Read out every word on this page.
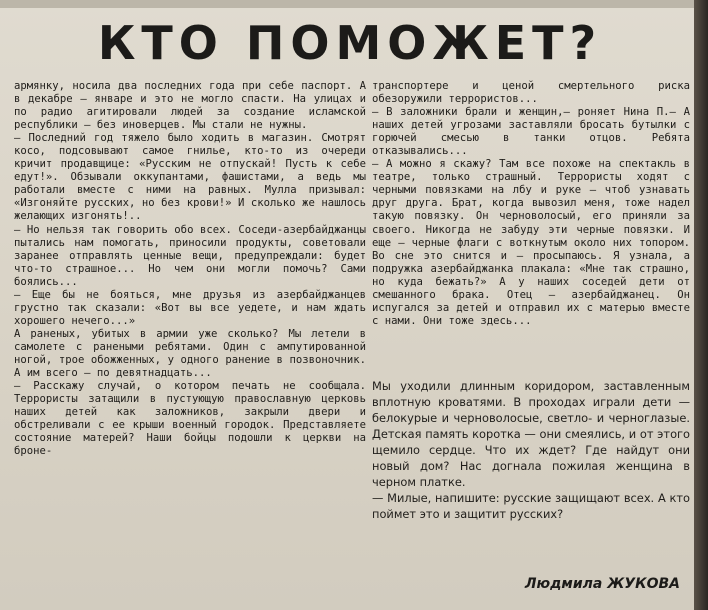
КТО ПОМОЖЕТ?

армянку, носила два последних года при себе паспорт. А в декабре — январе и это не могло спасти. На улицах и по радио агитировали людей за создание исламской республики — без иноверцев. Мы стали не нужны.

— Последний год тяжело было ходить в магазин. Смотрят косо, подсовывают самое гнилье, кто-то из очереди кричит продавщице: «Русским не отпускай! Пусть к себе едут!». Обзывали оккупантами, фашистами, а ведь мы работали вместе с ними на равных. Мулла призывал: «Изгоняйте русских, но без крови!» И сколько же нашлось желающих изгонять!..

— Но нельзя так говорить обо всех. Соседи-азербайджанцы пытались нам помогать, приносили продукты, советовали заранее отправлять ценные вещи, предупреждали: будет что-то страшное... Но чем они могли помочь? Сами боялись...

— Еще бы не бояться, мне друзья из азербайджанцев грустно так сказали: «Вот вы все уедете, и нам ждать хорошего нечего...»

А раненых, убитых в армии уже сколько? Мы летели в самолете с ранеными ребятами. Один с ампутированной ногой, трое обожженных, у одного ранение в позвоночник. А им всего — по девятнадцать...

— Расскажу случай, о котором печать не сообщала. Террористы затащили в пустующую православную церковь наших детей как заложников, закрыли двери и обстреливали с ее крыши военный городок. Представляете состояние матерей? Наши бойцы подошли к церкви на броне-

транспортере и ценой смертельного риска обезоружили террористов...

— В заложники брали и женщин,— роняет Нина П.— А наших детей угрозами заставляли бросать бутылки с горючей смесью в танки отцов. Ребята отказывались...

— А можно я скажу? Там все похоже на спектакль в театре, только страшный. Террористы ходят с черными повязками на лбу и руке — чтоб узнавать друг друга. Брат, когда вывозил меня, тоже надел такую повязку. Он черноволосый, его приняли за своего. Никогда не забуду эти черные повязки. И еще — черные флаги с воткнутым около них топором. Во сне это снится и — просыпаюсь. Я узнала, а подружка азербайджанка плакала: «Мне так страшно, но куда бежать?» А у наших соседей дети от смешанного брака. Отец — азербайджанец. Он испугался за детей и отправил их с матерью вместе с нами. Они тоже здесь...

Мы уходили длинным коридором, заставленным вплотную кроватями. В проходах играли дети — белокурые и черноволосые, светло- и черноглазые. Детская память коротка — они смеялись, и от этого щемило сердце. Что их ждет? Где найдут они новый дом? Нас догнала пожилая женщина в черном платке.

— Милые, напишите: русские защищают всех. А кто поймет это и защитит русских?

Людмила ЖУКОВА
